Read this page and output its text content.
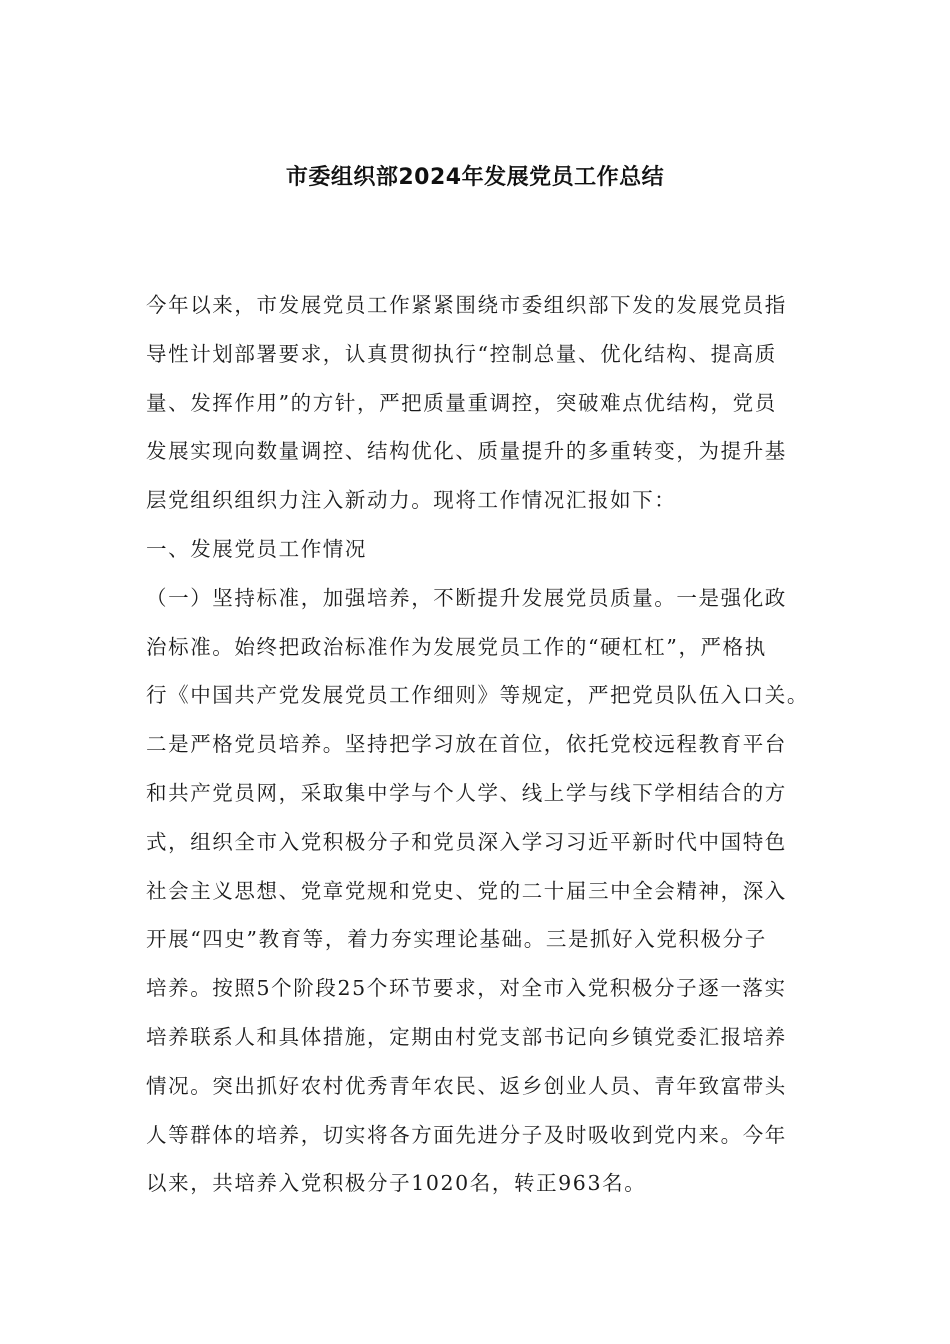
市委组织部2024年发展党员工作总结
今年以来，市发展党员工作紧紧围绕市委组织部下发的发展党员指
导性计划部署要求，认真贯彻执行“控制总量、优化结构、提高质
量、发挥作用”的方针，严把质量重调控，突破难点优结构，党员
发展实现向数量调控、结构优化、质量提升的多重转变，为提升基
层党组织组织力注入新动力。现将工作情况汇报如下：
一、发展党员工作情况
（一）坚持标准，加强培养，不断提升发展党员质量。一是强化政
治标准。始终把政治标准作为发展党员工作的“硬杠杠”，严格执
行《中国共产党发展党员工作细则》等规定，严把党员队伍入口关。
二是严格党员培养。坚持把学习放在首位，依托党校远程教育平台
和共产党员网，采取集中学与个人学、线上学与线下学相结合的方
式，组织全市入党积极分子和党员深入学习习近平新时代中国特色
社会主义思想、党章党规和党史、党的二十届三中全会精神，深入
开展“四史”教育等，着力夯实理论基础。三是抓好入党积极分子
培养。按照5个阶段25个环节要求，对全市入党积极分子逐一落实
培养联系人和具体措施，定期由村党支部书记向乡镇党委汇报培养
情况。突出抓好农村优秀青年农民、返乡创业人员、青年致富带头
人等群体的培养，切实将各方面先进分子及时吸收到党内来。今年
以来，共培养入党积极分子1020名，转正963名。
